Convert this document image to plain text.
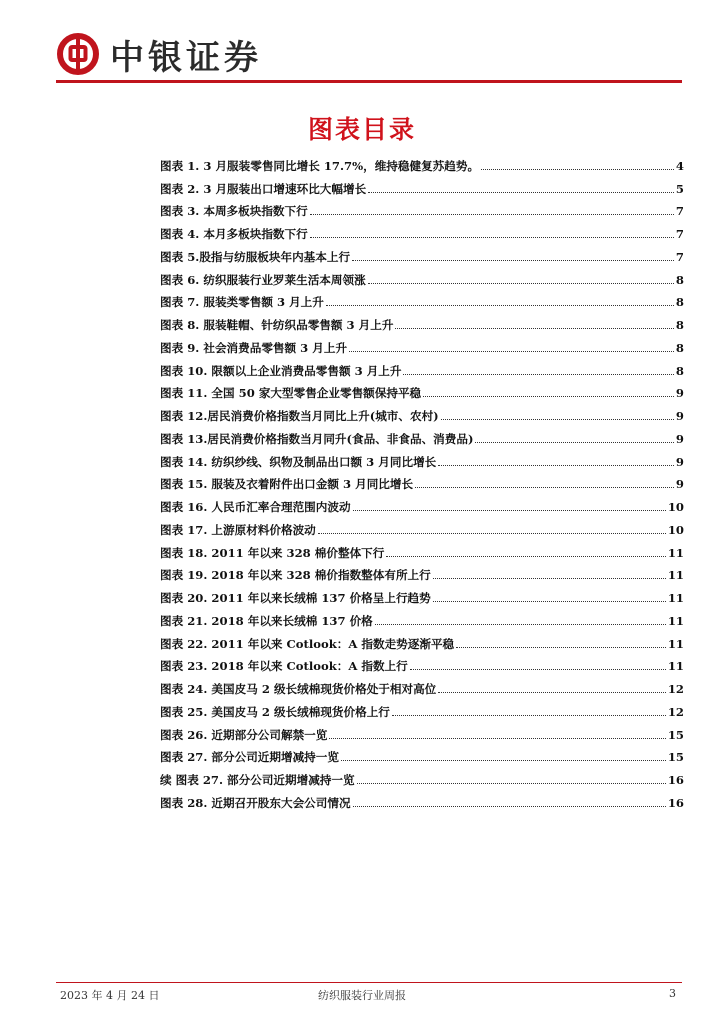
中银证券
图表目录
图表 1. 3 月服装零售同比增长 17.7%，维持稳健复苏趋势。	4
图表 2. 3 月服装出口增速环比大幅增长	5
图表 3. 本周多板块指数下行	7
图表 4. 本月多板块指数下行	7
图表 5.股指与纺服板块年内基本上行	7
图表 6. 纺织服装行业罗莱生活本周领涨	8
图表 7. 服装类零售额 3 月上升	8
图表 8. 服装鞋帽、针纺织品零售额 3 月上升	8
图表 9. 社会消费品零售额 3 月上升	8
图表 10. 限额以上企业消费品零售额 3 月上升	8
图表 11. 全国 50 家大型零售企业零售额保持平稳	9
图表 12.居民消费价格指数当月同比上升(城市、农村)	9
图表 13.居民消费价格指数当月同升(食品、非食品、消费品)	9
图表 14. 纺织纱线、织物及制品出口额 3 月同比增长	9
图表 15. 服装及衣着附件出口金额 3 月同比增长	9
图表 16. 人民币汇率合理范围内波动	10
图表 17. 上游原材料价格波动	10
图表 18. 2011 年以来 328 棉价整体下行	11
图表 19. 2018 年以来 328 棉价指数整体有所上行	11
图表 20. 2011 年以来长绒棉 137 价格呈上行趋势	11
图表 21. 2018 年以来长绒棉 137 价格	11
图表 22. 2011 年以来 Cotlook：A 指数走势逐渐平稳	11
图表 23. 2018 年以来 Cotlook：A 指数上行	11
图表 24. 美国皮马 2 级长绒棉现货价格处于相对高位	12
图表 25. 美国皮马 2 级长绒棉现货价格上行	12
图表 26. 近期部分公司解禁一览	15
图表 27. 部分公司近期增减持一览	15
续 图表 27. 部分公司近期增减持一览	16
图表 28. 近期召开股东大会公司情况	16
2023 年 4 月 24 日	纺织服装行业周报	3
